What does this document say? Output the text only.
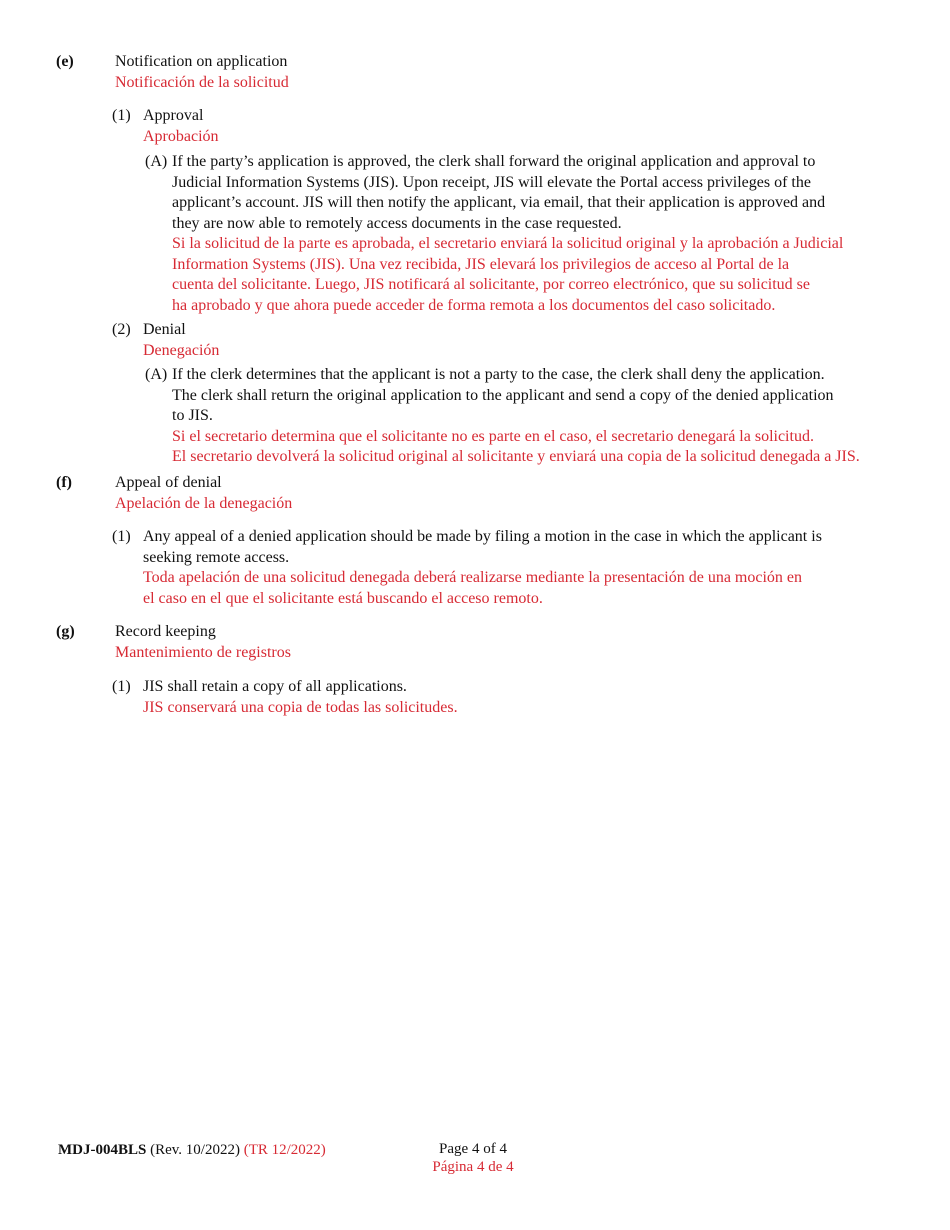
(e)	Notification on application
Notificación de la solicitud
(1) Approval
Aprobación
(A) If the party’s application is approved, the clerk shall forward the original application and approval to
Judicial Information Systems (JIS). Upon receipt, JIS will elevate the Portal access privileges of the
applicant’s account. JIS will then notify the applicant, via email, that their application is approved and
they are now able to remotely access documents in the case requested.
Si la solicitud de la parte es aprobada, el secretario enviará la solicitud original y la aprobación a Judicial
Information Systems (JIS). Una vez recibida, JIS elevará los privilegios de acceso al Portal de la
cuenta del solicitante. Luego, JIS notificará al solicitante, por correo electrónico, que su solicitud se
ha aprobado y que ahora puede acceder de forma remota a los documentos del caso solicitado.
(2) Denial
Denegación
(A) If the clerk determines that the applicant is not a party to the case, the clerk shall deny the application.
The clerk shall return the original application to the applicant and send a copy of the denied application
to JIS.
Si el secretario determina que el solicitante no es parte en el caso, el secretario denegará la solicitud.
El secretario devolverá la solicitud original al solicitante y enviará una copia de la solicitud denegada a JIS.
(f)	Appeal of denial
Apelación de la denegación
(1) Any appeal of a denied application should be made by filing a motion in the case in which the applicant is
seeking remote access.
Toda apelación de una solicitud denegada deberá realizarse mediante la presentación de una moción en
el caso en el que el solicitante está buscando el acceso remoto.
(g)	Record keeping
Mantenimiento de registros
(1) JIS shall retain a copy of all applications.
JIS conservará una copia de todas las solicitudes.
MDJ-004BLS (Rev. 10/2022) (TR 12/2022)	Page 4 of 4
Página 4 de 4
